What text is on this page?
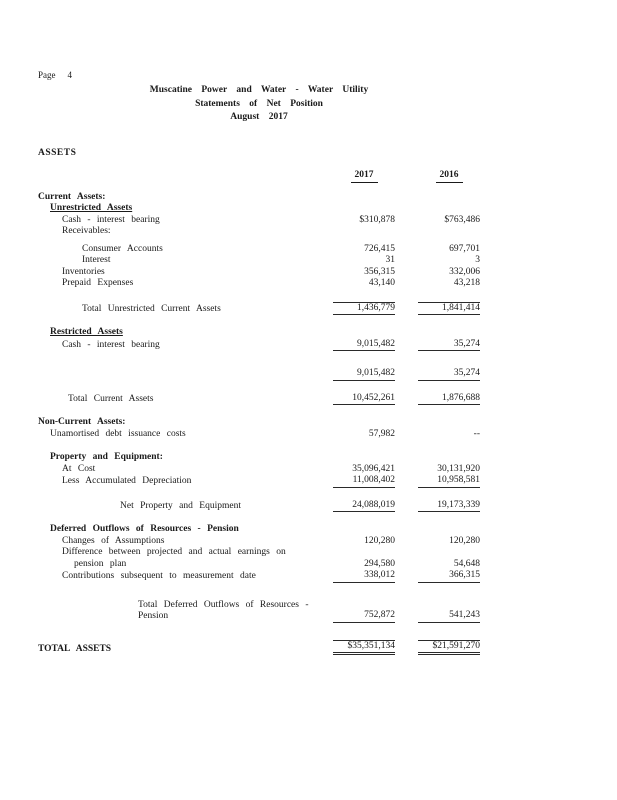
Page 4
Muscatine Power and Water - Water Utility
Statements of Net Position
August 2017
ASSETS
2017	2016
Current Assets:
Unrestricted Assets
Cash - interest bearing	$310,878	$763,486
Receivables:
Consumer Accounts	726,415	697,701
Interest	31	3
Inventories	356,315	332,006
Prepaid Expenses	43,140	43,218
Total Unrestricted Current Assets	1,436,779	1,841,414
Restricted Assets
Cash - interest bearing	9,015,482	35,274
9,015,482	35,274
Total Current Assets	10,452,261	1,876,688
Non-Current Assets:
Unamortised debt issuance costs	57,982	--
Property and Equipment:
At Cost	35,096,421	30,131,920
Less Accumulated Depreciation	11,008,402	10,958,581
Net Property and Equipment	24,088,019	19,173,339
Deferred Outflows of Resources - Pension
Changes of Assumptions	120,280	120,280
Difference between projected and actual earnings on
pension plan	294,580	54,648
Contributions subsequent to measurement date	338,012	366,315
Total Deferred Outflows of Resources - Pension	752,872	541,243
TOTAL ASSETS	$35,351,134	$21,591,270
